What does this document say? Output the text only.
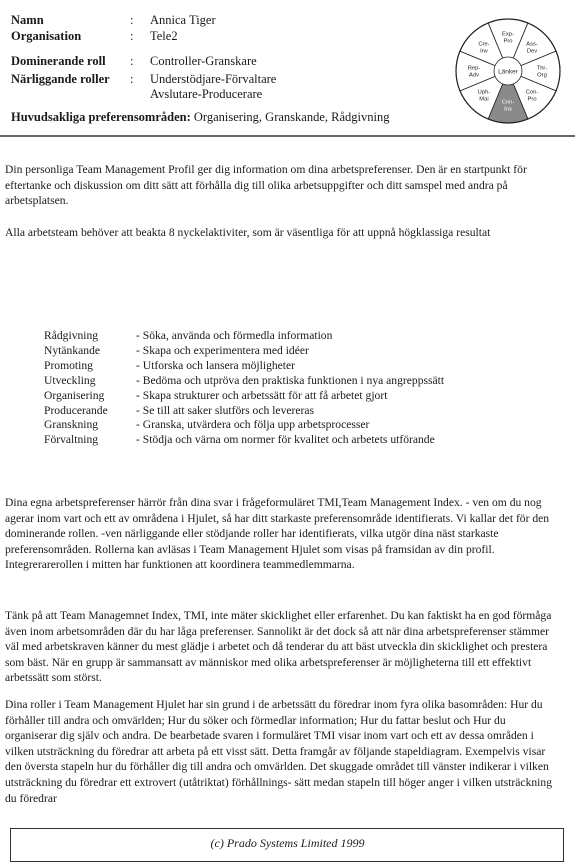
Namn	: Annica Tiger
Organisation	: Tele2
Dominerande roll : Controller-Granskare
Närliggande roller : Understödjare-Förvaltare
Avslutare-Producerare
Huvudsakliga preferensområden: Organisering, Granskande, Rådgivning
Länker
Exp-
Pro Ass-
Dev
Thr-
Org
Con-
Pro
Con-
Ins
Uph-
Mai
Rep-
Adv
Cre-
Inv

Din personliga Team Management Profil ger dig information om dina arbetspreferenser. Den är en startpunkt för eftertanke och diskussion om ditt sätt att förhålla dig till olika arbetsuppgifter och ditt samspel med andra på arbetsplatsen.

Alla arbetsteam behöver att beakta 8 nyckelaktiviter, som är väsentliga för att uppnå högklassiga resultat

Rådgivning	- Söka, använda och förmedla information
Nytänkande	- Skapa och experimentera med idéer
Promoting	- Utforska och lansera möjligheter
Utveckling	- Bedöma och utpröva den praktiska funktionen i nya angreppssätt
Organisering	- Skapa strukturer och arbetssätt för att få arbetet gjort
Producerande	- Se till att saker slutförs och levereras
Granskning	- Granska, utvärdera och följa upp arbetsprocesser
Förvaltning	- Stödja och värna om normer för kvalitet och arbetets utförande

Dina egna arbetspreferenser härrör från dina svar i frågeformuläret TMI,Team Management Index. - ven om du nog agerar inom vart och ett av områdena i Hjulet, så har ditt starkaste preferensområde identifierats. Vi kallar det för den dominerande rollen. -ven närliggande eller stödjande roller har identifierats, vilka utgör dina näst starkaste preferensområden. Rollerna kan avläsas i Team Management Hjulet som visas på framsidan av din profil. Integrerarerollen i mitten har funktionen att koordinera teammedlemmarna.

Tänk på att Team Managemnet Index, TMI, inte mäter skicklighet eller erfarenhet. Du kan faktiskt ha en god förmåga även inom arbetsområden där du har låga preferenser. Sannolikt är det dock så att när dina arbetspreferenser stämmer väl med arbetskraven känner du mest glädje i arbetet och då tenderar du att bäst utveckla din skicklighet och prestera som bäst. När en grupp är sammansatt av människor med olika arbetspreferenser är möjligheterna till ett effektivt arbetssätt som störst.

Dina roller i Team Management Hjulet har sin grund i de arbetssätt du föredrar inom fyra olika basområden: Hur du förhåller till andra och omvärlden; Hur du söker och förmedlar information; Hur du fattar beslut och Hur du organiserar dig själv och andra. De bearbetade svaren i formuläret TMI visar inom vart och ett av dessa områden i vilken utsträckning du föredrar att arbeta på ett visst sätt. Detta framgår av följande stapeldiagram. Exempelvis visar den översta stapeln hur du förhåller dig till andra och omvärlden. Det skuggade området till vänster indikerar i vilken utsträckning du föredrar ett extrovert (utåtriktat) förhållnings- sätt medan stapeln till höger anger i vilken utsträckning du föredrar

(c) Prado Systems Limited 1999
